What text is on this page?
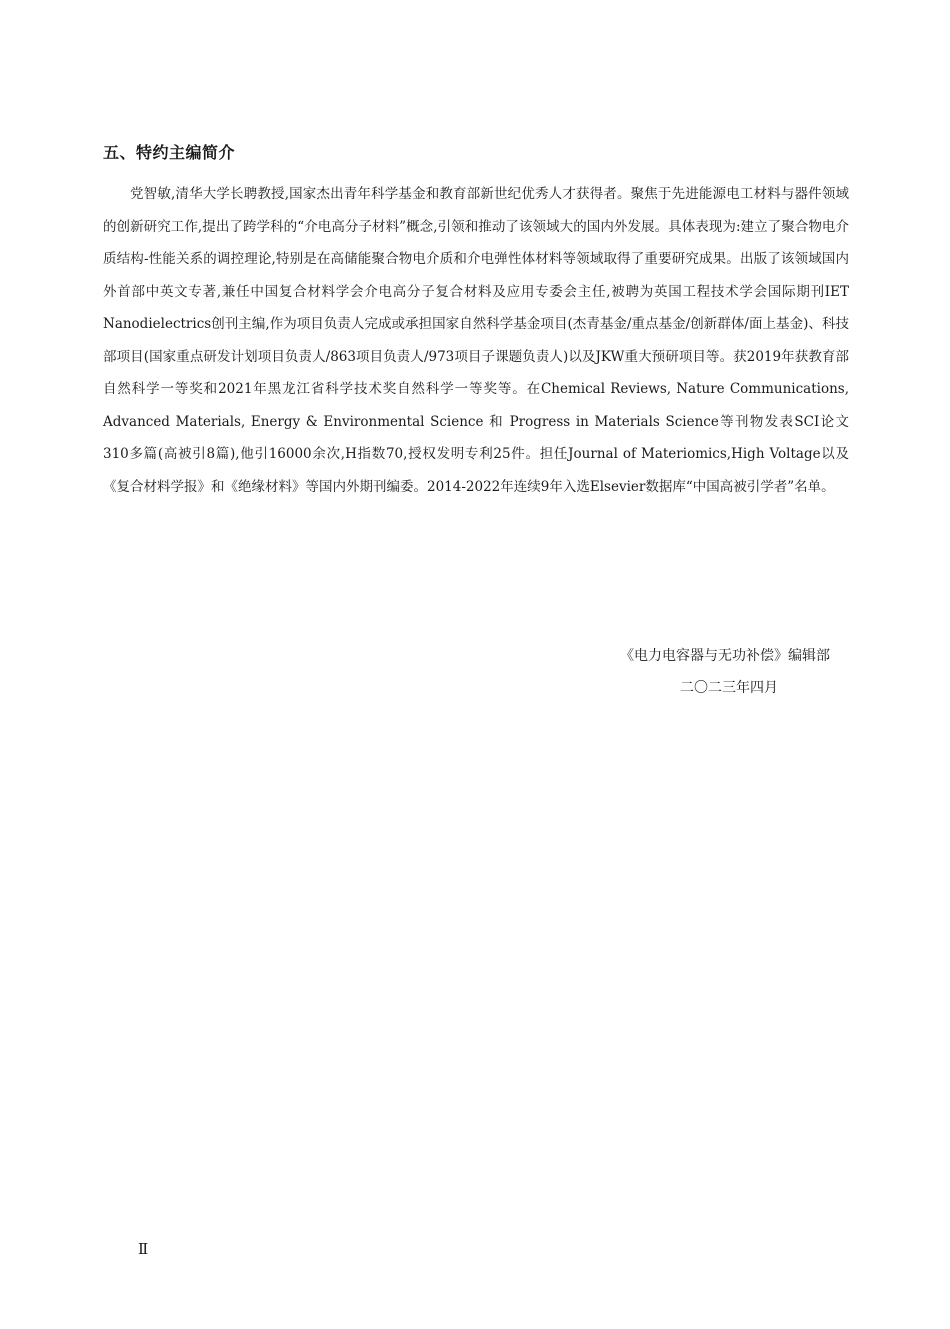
五、特约主编简介

党智敏,清华大学长聘教授,国家杰出青年科学基金和教育部新世纪优秀人才获得者。聚焦于先进能源电工材料与器件领域的创新研究工作,提出了跨学科的“介电高分子材料”概念,引领和推动了该领域大的国内外发展。具体表现为:建立了聚合物电介质结构-性能关系的调控理论,特别是在高储能聚合物电介质和介电弹性体材料等领域取得了重要研究成果。出版了该领域国内外首部中英文专著,兼任中国复合材料学会介电高分子复合材料及应用专委会主任,被聘为英国工程技术学会国际期刊IET Nanodielectrics创刊主编,作为项目负责人完成或承担国家自然科学基金项目(杰青基金/重点基金/创新群体/面上基金)、科技部项目(国家重点研发计划项目负责人/863项目负责人/973项目子课题负责人)以及JKW重大预研项目等。获2019年获教育部自然科学一等奖和2021年黑龙江省科学技术奖自然科学一等奖等。在Chemical Reviews, Nature Communications, Advanced Materials, Energy & Environmental Science 和 Progress in Materials Science等刊物发表SCI论文310多篇(高被引8篇),他引16000余次,H指数70,授权发明专利25件。担任Journal of Materiomics,High Voltage以及《复合材料学报》和《绝缘材料》等国内外期刊编委。2014-2022年连续9年入选Elsevier数据库“中国高被引学者”名单。

《电力电容器与无功补偿》编辑部
二〇二三年四月
Ⅱ
